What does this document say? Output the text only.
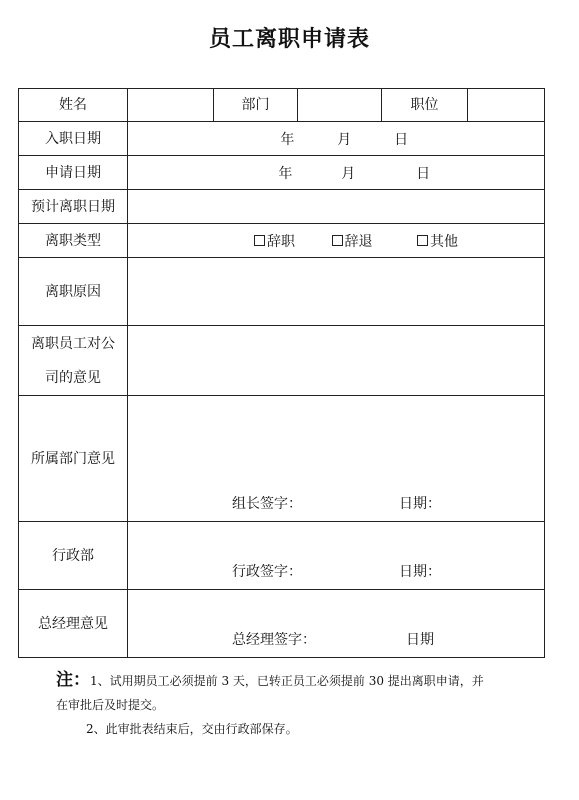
员工离职申请表
姓名		部门		职位	
入职日期	年 月 日				
申请日期	年 月 日				
预计离职日期					
离职类型	辞职 辞退 其他				
离职原因					

离职员工对公
司的意见					

所属部门意见	组长签字： 日期：				

行政部	行政签字： 日期：				

总经理意见	总经理签字： 日期				
注：1、试用期员工必须提前 3 天，已转正员工必须提前 30 提出离职申请，并
在审批后及时提交。
2、此审批表结束后，交由行政部保存。
